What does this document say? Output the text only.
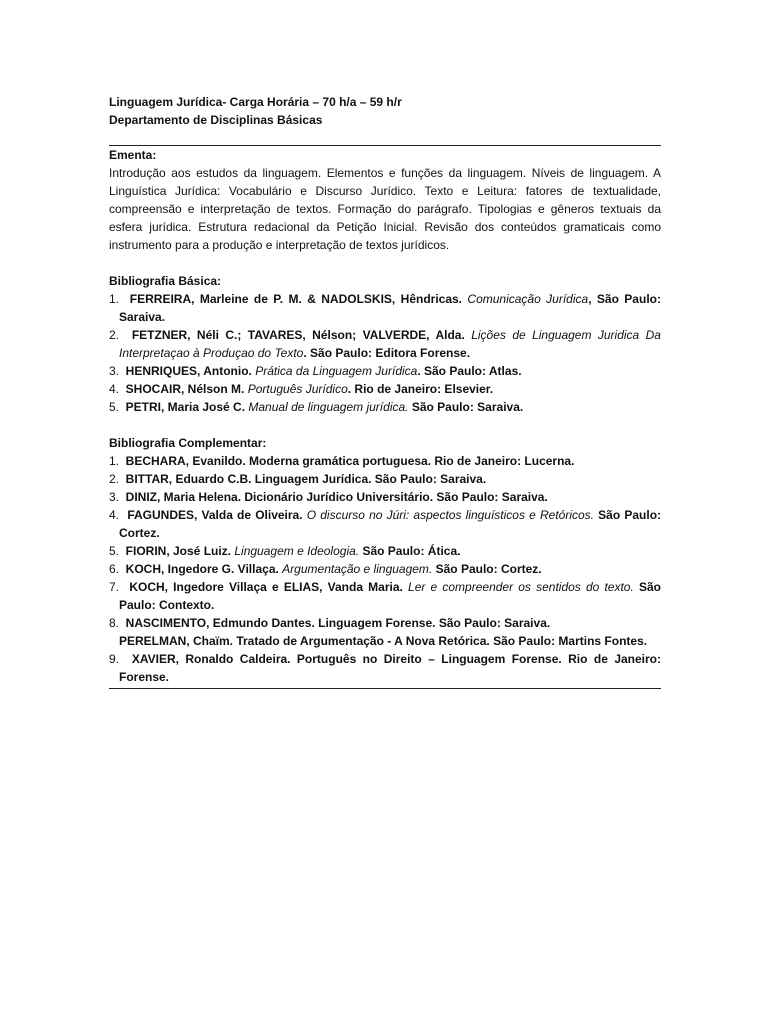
Linguagem Jurídica- Carga Horária – 70 h/a – 59 h/r

Departamento de Disciplinas Básicas

Ementa:

Introdução aos estudos da linguagem. Elementos e funções da linguagem. Níveis de linguagem. A Linguística Jurídica: Vocabulário e Discurso Jurídico. Texto e Leitura: fatores de textualidade, compreensão e interpretação de textos. Formação do parágrafo. Tipologias e gêneros textuais da esfera jurídica. Estrutura redacional da Petição Inicial. Revisão dos conteúdos gramaticais como instrumento para a produção e interpretação de textos jurídicos.

Bibliografia Básica:

1. FERREIRA, Marleine de P. M. & NADOLSKIS, Hêndricas. Comunicação Jurídica, São Paulo: Saraiva.
2. FETZNER, Néli C.; TAVARES, Nélson; VALVERDE, Alda. Lições de Linguagem Juridica Da Interpretaçao à Produçao do Texto. São Paulo: Editora Forense.
3. HENRIQUES, Antonio. Prática da Linguagem Jurídica. São Paulo: Atlas.
4. SHOCAIR, Nélson M. Português Jurídico. Rio de Janeiro: Elsevier.
5. PETRI, Maria José C. Manual de linguagem jurídica. São Paulo: Saraiva.

Bibliografia Complementar:

1. BECHARA, Evanildo. Moderna gramática portuguesa. Rio de Janeiro: Lucerna.
2. BITTAR, Eduardo C.B. Linguagem Jurídica. São Paulo: Saraiva.
3. DINIZ, Maria Helena. Dicionário Jurídico Universitário. São Paulo: Saraiva.
4. FAGUNDES, Valda de Oliveira. O discurso no Júri: aspectos linguísticos e Retóricos. São Paulo: Cortez.
5. FIORIN, José Luiz. Linguagem e Ideologia. São Paulo: Ática.
6. KOCH, Ingedore G. Villaça. Argumentação e linguagem. São Paulo: Cortez.
7. KOCH, Ingedore Villaça e ELIAS, Vanda Maria. Ler e compreender os sentidos do texto. São Paulo: Contexto.
8. NASCIMENTO, Edmundo Dantes. Linguagem Forense. São Paulo: Saraiva.
PERELMAN, Chaïm. Tratado de Argumentação - A Nova Retórica. São Paulo: Martins Fontes.
9. XAVIER, Ronaldo Caldeira. Português no Direito – Linguagem Forense. Rio de Janeiro: Forense.
